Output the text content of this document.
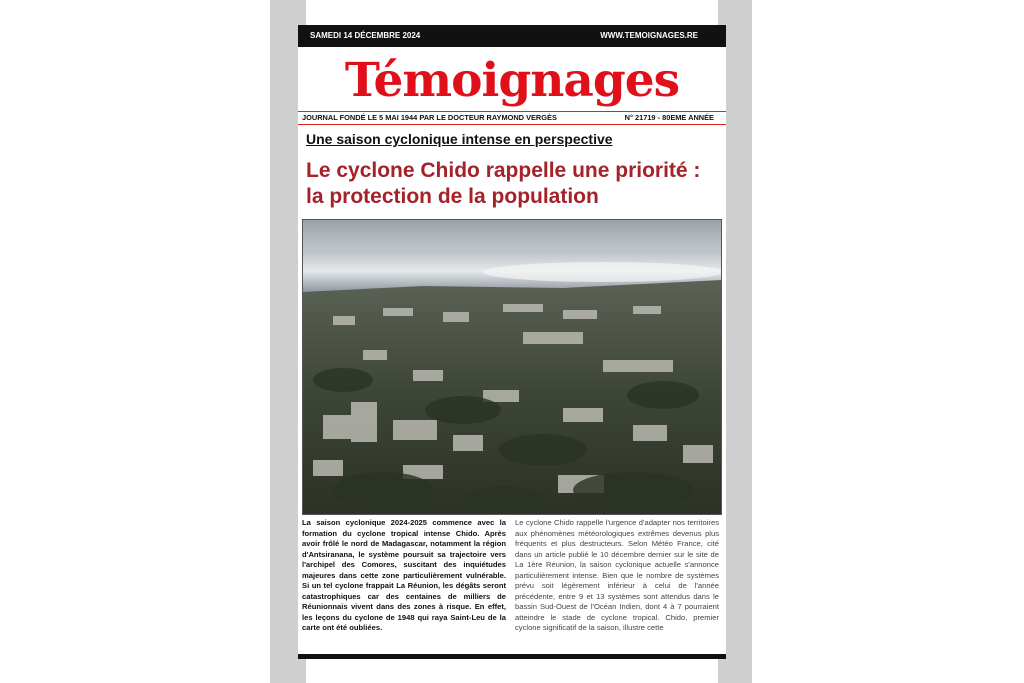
SAMEDI 14 DÉCEMBRE 2024	WWW.TEMOIGNAGES.RE
Témoignages
JOURNAL FONDÉ LE 5 MAI 1944 PAR LE DOCTEUR RAYMOND VERGÈS	N° 21719 - 80EME ANNÉE
Une saison cyclonique intense en perspective
Le cyclone Chido rappelle une priorité :
la protection de la population
La saison cyclonique 2024-2025 commence avec la formation du cyclone tropical intense Chido. Après avoir frôlé le nord de Madagascar, notamment la région d'Antsiranana, le système poursuit sa trajectoire vers l'archipel des Comores, suscitant des inquiétudes majeures dans cette zone particulièrement vulnérable. Si un tel cyclone frappait La Réunion, les dégâts seront catastrophiques car des centaines de milliers de Réunionnais vivent dans des zones à risque. En effet, les leçons du cyclone de 1948 qui raya Saint-Leu de la carte ont été oubliées.
Le cyclone Chido rappelle l'urgence d'adapter nos territoires aux phénomènes météorologiques extrêmes devenus plus fréquents et plus destructeurs. Selon Météo France, cité dans un article publié le 10 décembre dernier sur le site de La 1ère Réunion, la saison cyclonique actuelle s'annonce particulièrement intense. Bien que le nombre de systèmes prévu soit légèrement inférieur à celui de l'année précédente, entre 9 et 13 systèmes sont attendus dans le bassin Sud-Ouest de l'Océan Indien, dont 4 à 7 pourraient atteindre le stade de cyclone tropical. Chido, premier cyclone significatif de la saison, illustre cette
